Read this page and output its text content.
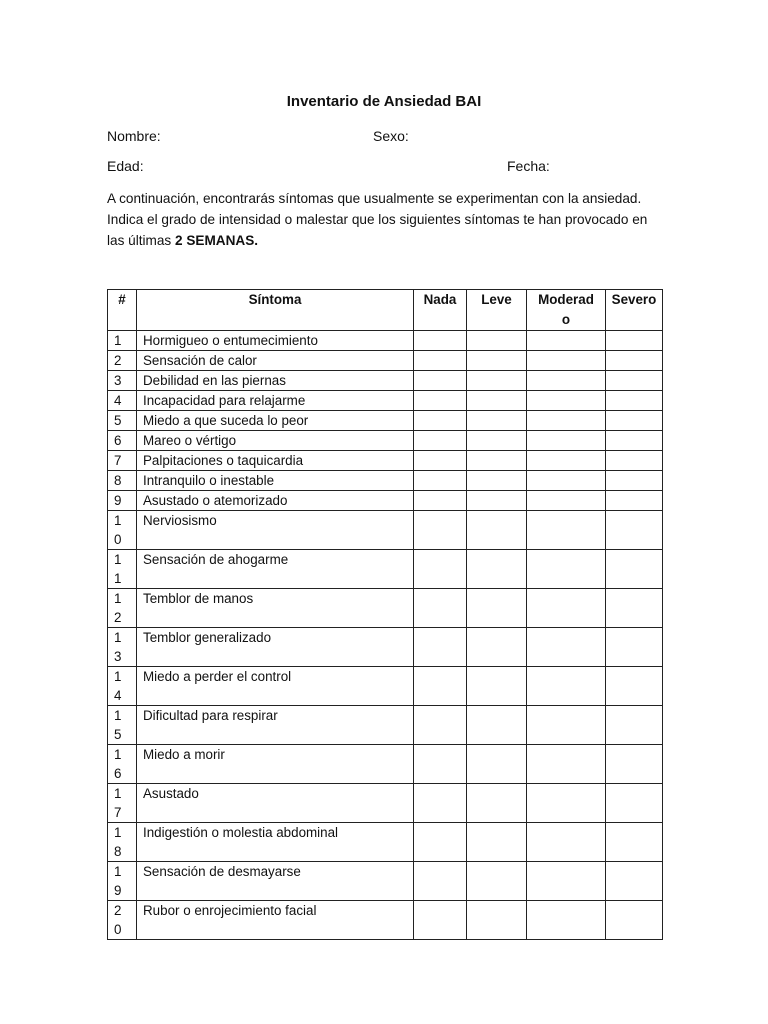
Inventario de Ansiedad BAI
Nombre:	Sexo:
Edad:	Fecha:
A continuación, encontrarás síntomas que usualmente se experimentan con la ansiedad. Indica el grado de intensidad o malestar que los siguientes síntomas te han provocado en las últimas 2 SEMANAS.
#	Síntoma	Nada	Leve	Moderado	Severo

1	Hormigueo o entumecimiento				

2	Sensación de calor				

3	Debilidad en las piernas				

4	Incapacidad para relajarme				

5	Miedo a que suceda lo peor				

6	Mareo o vértigo				

7	Palpitaciones o taquicardia				

8	Intranquilo o inestable				

9	Asustado o atemorizado				

10	Nerviosismo				

11	Sensación de ahogarme				

12	Temblor de manos				

13	Temblor generalizado				

14	Miedo a perder el control				

15	Dificultad para respirar				

16	Miedo a morir				

17	Asustado				

18	Indigestión o molestia abdominal				

19	Sensación de desmayarse				

20	Rubor o enrojecimiento facial				
